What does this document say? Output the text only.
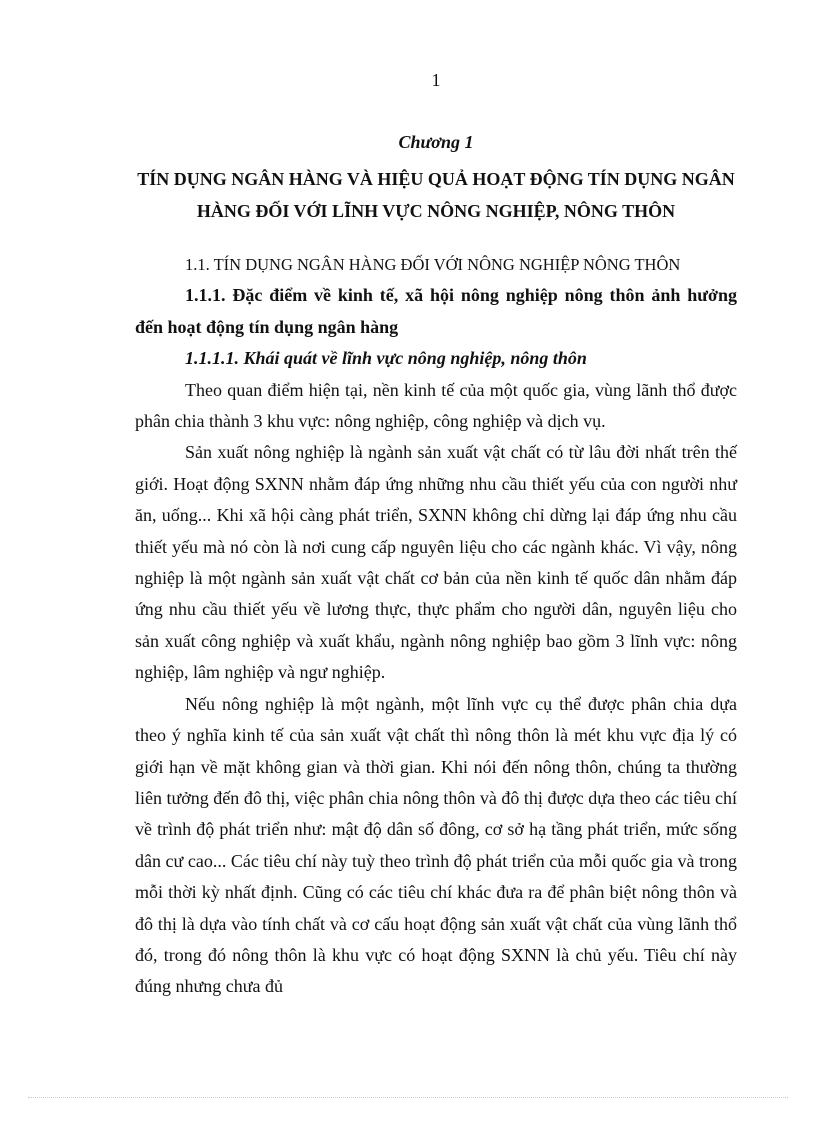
1
Chương 1
TÍN DỤNG NGÂN HÀNG VÀ HIỆU QUẢ HOẠT ĐỘNG TÍN DỤNG NGÂN HÀNG ĐỐI VỚI LĨNH VỰC NÔNG NGHIỆP, NÔNG THÔN

1.1. TÍN DỤNG NGÂN HÀNG ĐỐI VỚI NÔNG NGHIỆP NÔNG THÔN

1.1.1. Đặc điểm về kinh tế, xã hội nông nghiệp nông thôn ảnh hưởng đến hoạt động tín dụng ngân hàng

1.1.1.1. Khái quát về lĩnh vực nông nghiệp, nông thôn

Theo quan điểm hiện tại, nền kinh tế của một quốc gia, vùng lãnh thổ được phân chia thành 3 khu vực: nông nghiệp, công nghiệp và dịch vụ.

Sản xuất nông nghiệp là ngành sản xuất vật chất có từ lâu đời nhất trên thế giới. Hoạt động SXNN nhằm đáp ứng những nhu cầu thiết yếu của con người như ăn, uống... Khi xã hội càng phát triển, SXNN không chỉ dừng lại đáp ứng nhu cầu thiết yếu mà nó còn là nơi cung cấp nguyên liệu cho các ngành khác. Vì vậy, nông nghiệp là một ngành sản xuất vật chất cơ bản của nền kinh tế quốc dân nhằm đáp ứng nhu cầu thiết yếu về lương thực, thực phẩm cho người dân, nguyên liệu cho sản xuất công nghiệp và xuất khẩu, ngành nông nghiệp bao gồm 3 lĩnh vực: nông nghiệp, lâm nghiệp và ngư nghiệp.

Nếu nông nghiệp là một ngành, một lĩnh vực cụ thể được phân chia dựa theo ý nghĩa kinh tế của sản xuất vật chất thì nông thôn là mét khu vực địa lý có giới hạn về mặt không gian và thời gian. Khi nói đến nông thôn, chúng ta thường liên tưởng đến đô thị, việc phân chia nông thôn và đô thị được dựa theo các tiêu chí về trình độ phát triển như: mật độ dân số đông, cơ sở hạ tầng phát triển, mức sống dân cư cao... Các tiêu chí này tuỳ theo trình độ phát triển của mỗi quốc gia và trong mỗi thời kỳ nhất định. Cũng có các tiêu chí khác đưa ra để phân biệt nông thôn và đô thị là dựa vào tính chất và cơ cấu hoạt động sản xuất vật chất của vùng lãnh thổ đó, trong đó nông thôn là khu vực có hoạt động SXNN là chủ yếu. Tiêu chí này đúng nhưng chưa đủ
